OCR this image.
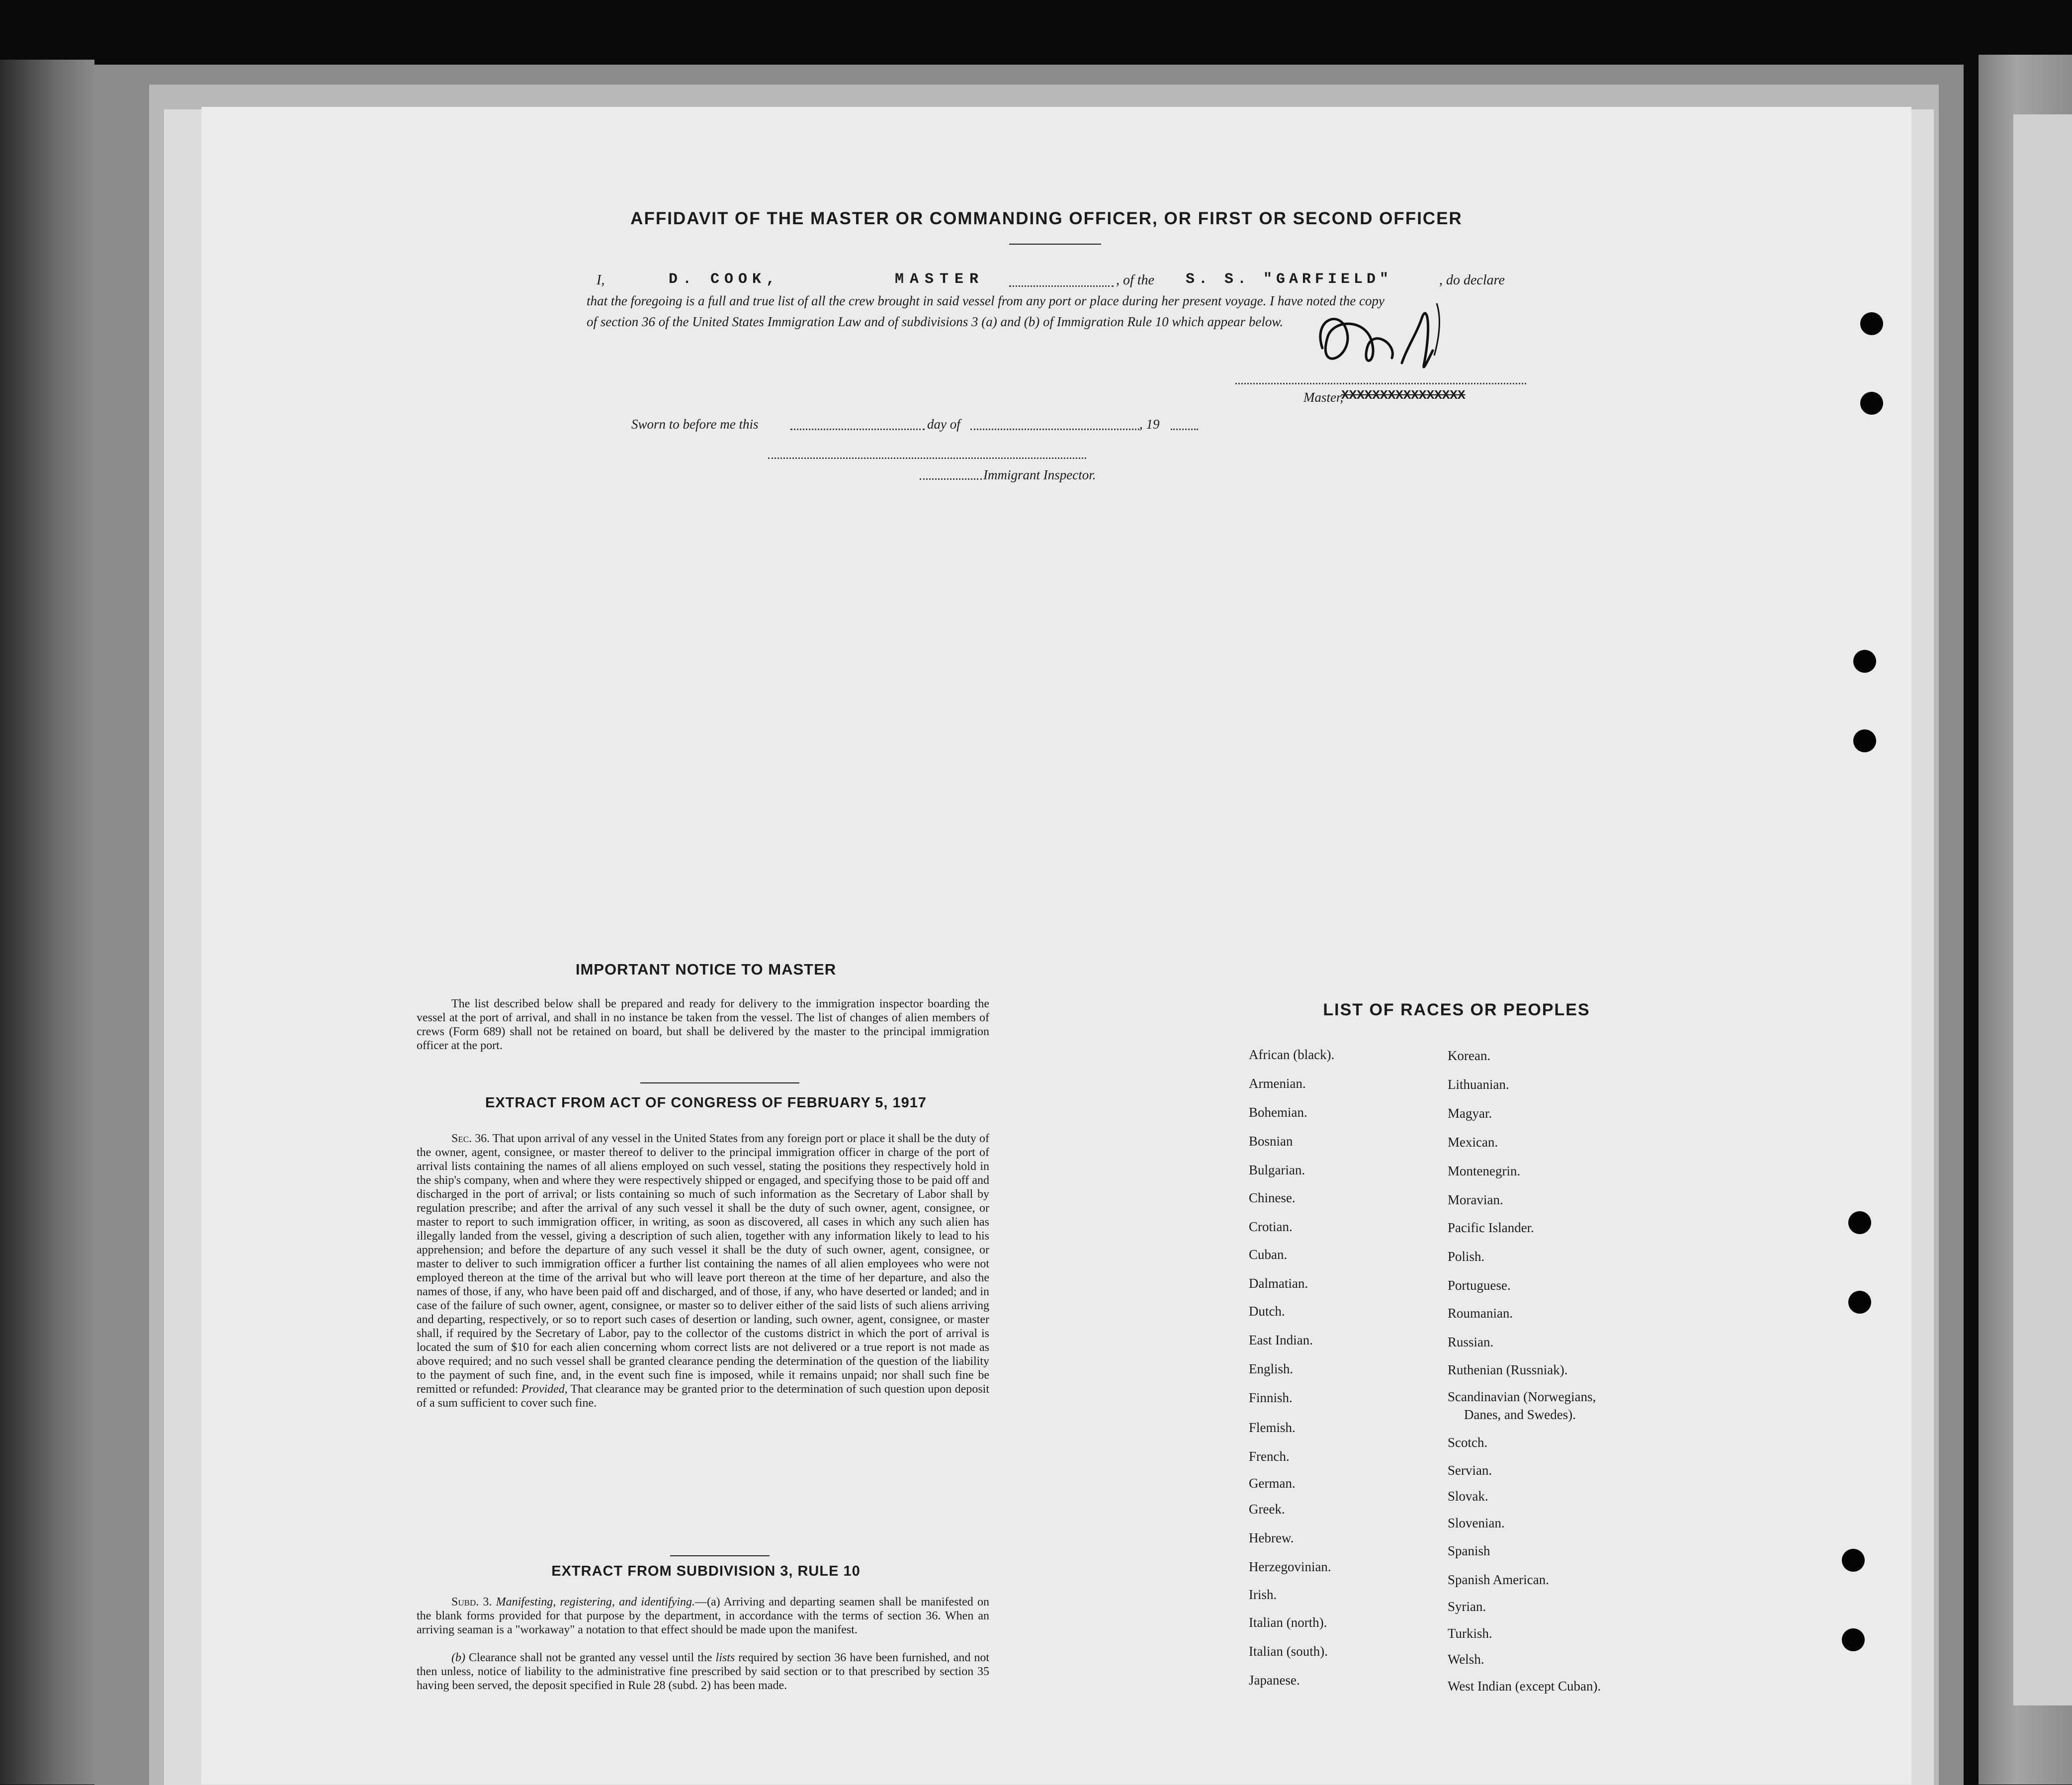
AFFIDAVIT OF THE MASTER OR COMMANDING OFFICER, OR FIRST OR SECOND OFFICER
I,	D. COOK,	MASTER	, of the S. S. "GARFIELD"	, do declare
that the foregoing is a full and true list of all the crew brought in said vessel from any port or place during her present voyage. I have noted the copy
of section 36 of the United States Immigration Law and of subdivisions 3 (a) and (b) of Immigration Rule 10 which appear below.
Master,
XXXXXXXXXXXXXXXX
Sworn to before me this	day of	, 19
Immigrant Inspector.
IMPORTANT NOTICE TO MASTER
The list described below shall be prepared and ready for delivery to the immigration inspector boarding the vessel at the port of arrival, and shall in no instance be taken from the vessel. The list of changes of alien members of crews (Form 689) shall not be retained on board, but shall be delivered by the master to the principal immigration officer at the port.
EXTRACT FROM ACT OF CONGRESS OF FEBRUARY 5, 1917
Sec. 36. That upon arrival of any vessel in the United States from any foreign port or place it shall be the duty of the owner, agent, consignee, or master thereof to deliver to the principal immigration officer in charge of the port of arrival lists containing the names of all aliens employed on such vessel, stating the positions they respectively hold in the ship's company, when and where they were respectively shipped or engaged, and specifying those to be paid off and discharged in the port of arrival; or lists containing so much of such information as the Secretary of Labor shall by regulation prescribe; and after the arrival of any such vessel it shall be the duty of such owner, agent, consignee, or master to report to such immigration officer, in writing, as soon as discovered, all cases in which any such alien has illegally landed from the vessel, giving a description of such alien, together with any information likely to lead to his apprehension; and before the departure of any such vessel it shall be the duty of such owner, agent, consignee, or master to deliver to such immigration officer a further list containing the names of all alien employees who were not employed thereon at the time of the arrival but who will leave port thereon at the time of her departure, and also the names of those, if any, who have been paid off and discharged, and of those, if any, who have deserted or landed; and in case of the failure of such owner, agent, consignee, or master so to deliver either of the said lists of such aliens arriving and departing, respectively, or so to report such cases of desertion or landing, such owner, agent, consignee, or master shall, if required by the Secretary of Labor, pay to the collector of the customs district in which the port of arrival is located the sum of $10 for each alien concerning whom correct lists are not delivered or a true report is not made as above required; and no such vessel shall be granted clearance pending the determination of the question of the liability to the payment of such fine, and, in the event such fine is imposed, while it remains unpaid; nor shall such fine be remitted or refunded: Provided, That clearance may be granted prior to the determination of such question upon deposit of a sum sufficient to cover such fine.
EXTRACT FROM SUBDIVISION 3, RULE 10
Subd. 3. Manifesting, registering, and identifying.—(a) Arriving and departing seamen shall be manifested on the blank forms provided for that purpose by the department, in accordance with the terms of section 36. When an arriving seaman is a "workaway" a notation to that effect should be made upon the manifest.
(b) Clearance shall not be granted any vessel until the lists required by section 36 have been furnished, and not then unless, notice of liability to the administrative fine prescribed by said section or to that prescribed by section 35 having been served, the deposit specified in Rule 28 (subd. 2) has been made.
LIST OF RACES OR PEOPLES
African (black).
Armenian.
Bohemian.
Bosnian
Bulgarian.
Chinese.
Crotian.
Cuban.
Dalmatian.
Dutch.
East Indian.
English.
Finnish.
Flemish.
French.
German.
Greek.
Hebrew.
Herzegovinian.
Irish.
Italian (north).
Italian (south).
Japanese.
Korean.
Lithuanian.
Magyar.
Mexican.
Montenegrin.
Moravian.
Pacific Islander.
Polish.
Portuguese.
Roumanian.
Russian.
Ruthenian (Russniak).
Scandinavian (Norwegians,
Danes, and Swedes).
Scotch.
Servian.
Slovak.
Slovenian.
Spanish
Spanish American.
Syrian.
Turkish.
Welsh.
West Indian (except Cuban).
